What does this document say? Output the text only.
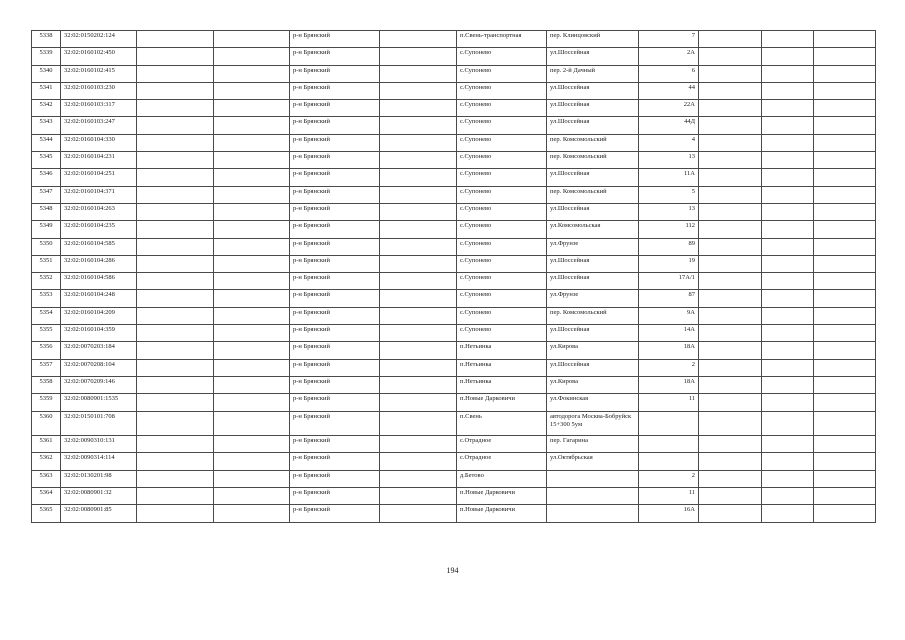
5338	32:02:0150202:124			р-н Брянский		п.Свень-транспортная	пер. Клинцовский	7			
5339	32:02:0160102:450			р-н Брянский		с.Супонево	ул.Шоссейная	2А			
5340	32:02:0160102:415			р-н Брянский		с.Супонево	пер. 2-й Дачный	6			
5341	32:02:0160103:230			р-н Брянский		с.Супонево	ул.Шоссейная	44			
5342	32:02:0160103:317			р-н Брянский		с.Супонево	ул.Шоссейная	22А			
5343	32:02:0160103:247			р-н Брянский		с.Супонево	ул.Шоссейная	44Д			
5344	32:02:0160104:330			р-н Брянский		с.Супонево	пер. Комсомольский	4			
5345	32:02:0160104:231			р-н Брянский		с.Супонево	пер. Комсомольский	13			
5346	32:02:0160104:251			р-н Брянский		с.Супонево	ул.Шоссейная	11А			
5347	32:02:0160104:371			р-н Брянский		с.Супонево	пер. Комсомольский	5			
5348	32:02:0160104:263			р-н Брянский		с.Супонево	ул.Шоссейная	13			
5349	32:02:0160104:235			р-н Брянский		с.Супонево	ул.Комсомольская	112			
5350	32:02:0160104:585			р-н Брянский		с.Супонево	ул.Фрунзе	89			
5351	32:02:0160104:286			р-н Брянский		с.Супонево	ул.Шоссейная	19			
5352	32:02:0160104:586			р-н Брянский		с.Супонево	ул.Шоссейная	17А/1			
5353	32:02:0160104:248			р-н Брянский		с.Супонево	ул.Фрунзе	87			
5354	32:02:0160104:209			р-н Брянский		с.Супонево	пер. Комсомольский	9А			
5355	32:02:0160104:359			р-н Брянский		с.Супонево	ул.Шоссейная	14А			
5356	32:02:0070203:184			р-н Брянский		п.Нетьинка	ул.Кирова	18А			
5357	32:02:0070208:104			р-н Брянский		п.Нетьинка	ул.Шоссейная	2			
5358	32:02:0070209:146			р-н Брянский		п.Нетьинка	ул.Кирова	18А			
5359	32:02:0080901:1535			р-н Брянский		п.Новые Дарковичи	ул.Фокинская	11			
5360	32:02:0150101:708			р-н Брянский		п.Свень	автодорога Москва-Бобруйск 15+300 5ум				
5361	32:02:0090310:131			р-н Брянский		с.Отрадное	пер. Гагарина				
5362	32:02:0090314:114			р-н Брянский		с.Отрадное	ул.Октябрьская				
5363	32:02:0130201:98			р-н Брянский		д.Бетово		2			
5364	32:02:0080901:32			р-н Брянский		п.Новые Дарковичи		11			
5365	32:02:0080901:85			р-н Брянский		п.Новые Дарковичи		16А			
194
